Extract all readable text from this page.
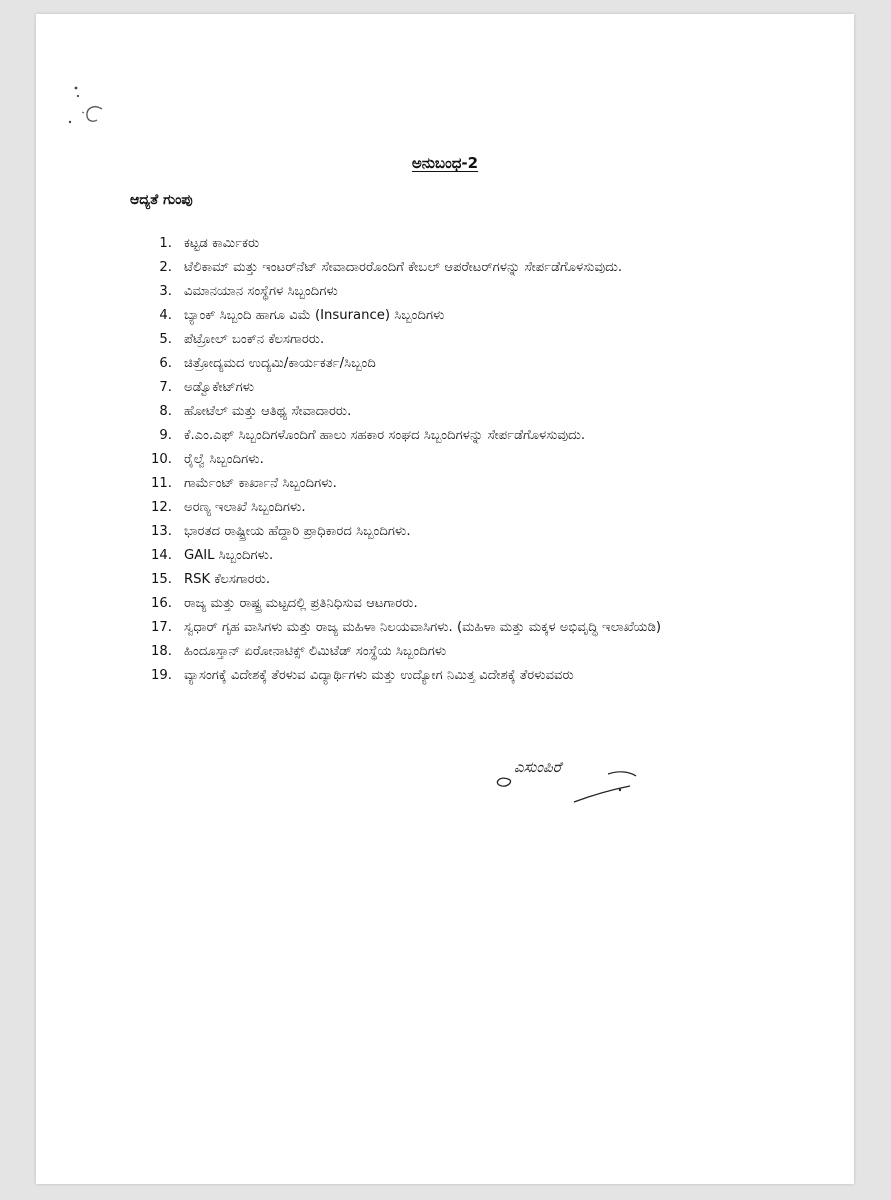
ಅನುಬಂಧ-2
ಆದ್ಯತೆ ಗುಂಪು
1. ಕಟ್ಟಡ ಕಾರ್ಮಿಕರು
2. ಟೆಲಿಕಾಮ್ ಮತ್ತು ಇಂಟರ್‌ನೆಟ್ ಸೇವಾದಾರರೊಂದಿಗೆ ಕೇಬಲ್ ಆಪರೇಟರ್‌ಗಳನ್ನು ಸೇರ್ಪಡೆಗೊಳಸುವುದು.
3. ವಿಮಾನಯಾನ ಸಂಸ್ಥೆಗಳ ಸಿಬ್ಬಂದಿಗಳು
4. ಬ್ಯಾಂಕ್ ಸಿಬ್ಬಂದಿ ಹಾಗೂ ವಿಮೆ (Insurance) ಸಿಬ್ಬಂದಿಗಳು
5. ಪೆಟ್ರೋಲ್ ಬಂಕ್‌ನ ಕೆಲಸಗಾರರು.
6. ಚಿತ್ರೋದ್ಯಮದ ಉದ್ಯಮಿ/ಕಾರ್ಯಕರ್ತ/ಸಿಬ್ಬಂದಿ
7. ಅಡ್ವೊಕೇಟ್‌ಗಳು
8. ಹೋಟೆಲ್ ಮತ್ತು ಆತಿಥ್ಯ ಸೇವಾದಾರರು.
9. ಕೆ.ಎಂ.ಎಫ್ ಸಿಬ್ಬಂದಿಗಳೊಂದಿಗೆ ಹಾಲು ಸಹಕಾರ ಸಂಘದ ಸಿಬ್ಬಂದಿಗಳನ್ನು ಸೇರ್ಪಡೆಗೊಳಸುವುದು.
10. ರೈಲ್ವೆ ಸಿಬ್ಬಂದಿಗಳು.
11. ಗಾರ್ಮೆಂಟ್ ಕಾರ್ಖಾನೆ ಸಿಬ್ಬಂದಿಗಳು.
12. ಅರಣ್ಯ ಇಲಾಖೆ ಸಿಬ್ಬಂದಿಗಳು.
13. ಭಾರತದ ರಾಷ್ಟ್ರೀಯ ಹೆದ್ದಾರಿ ಪ್ರಾಧಿಕಾರದ ಸಿಬ್ಬಂದಿಗಳು.
14. GAIL ಸಿಬ್ಬಂದಿಗಳು.
15. RSK ಕೆಲಸಗಾರರು.
16. ರಾಜ್ಯ ಮತ್ತು ರಾಷ್ಟ್ರ ಮಟ್ಟದಲ್ಲಿ ಪ್ರತಿನಿಧಿಸುವ ಆಟಗಾರರು.
17. ಸ್ವಧಾರ್ ಗೃಹ ವಾಸಿಗಳು ಮತ್ತು ರಾಜ್ಯ ಮಹಿಳಾ ನಿಲಯವಾಸಿಗಳು. (ಮಹಿಳಾ ಮತ್ತು ಮಕ್ಕಳ ಅಭಿವೃದ್ಧಿ ಇಲಾಖೆಯಡಿ)
18. ಹಿಂದೂಸ್ತಾನ್ ಏರೋನಾಟಿಕ್ಸ್ ಲಿಮಿಟೆಡ್ ಸಂಸ್ಥೆಯ ಸಿಬ್ಬಂದಿಗಳು
19. ವ್ಯಾಸಂಗಕ್ಕೆ ವಿದೇಶಕ್ಕೆ ತೆರಳುವ ವಿದ್ಯಾರ್ಥಿಗಳು ಮತ್ತು ಉದ್ಯೋಗ ನಿಮಿತ್ತ ವಿದೇಶಕ್ಕೆ ತೆರಳುವವರು
ಎಸುಂಪಿರೆ
